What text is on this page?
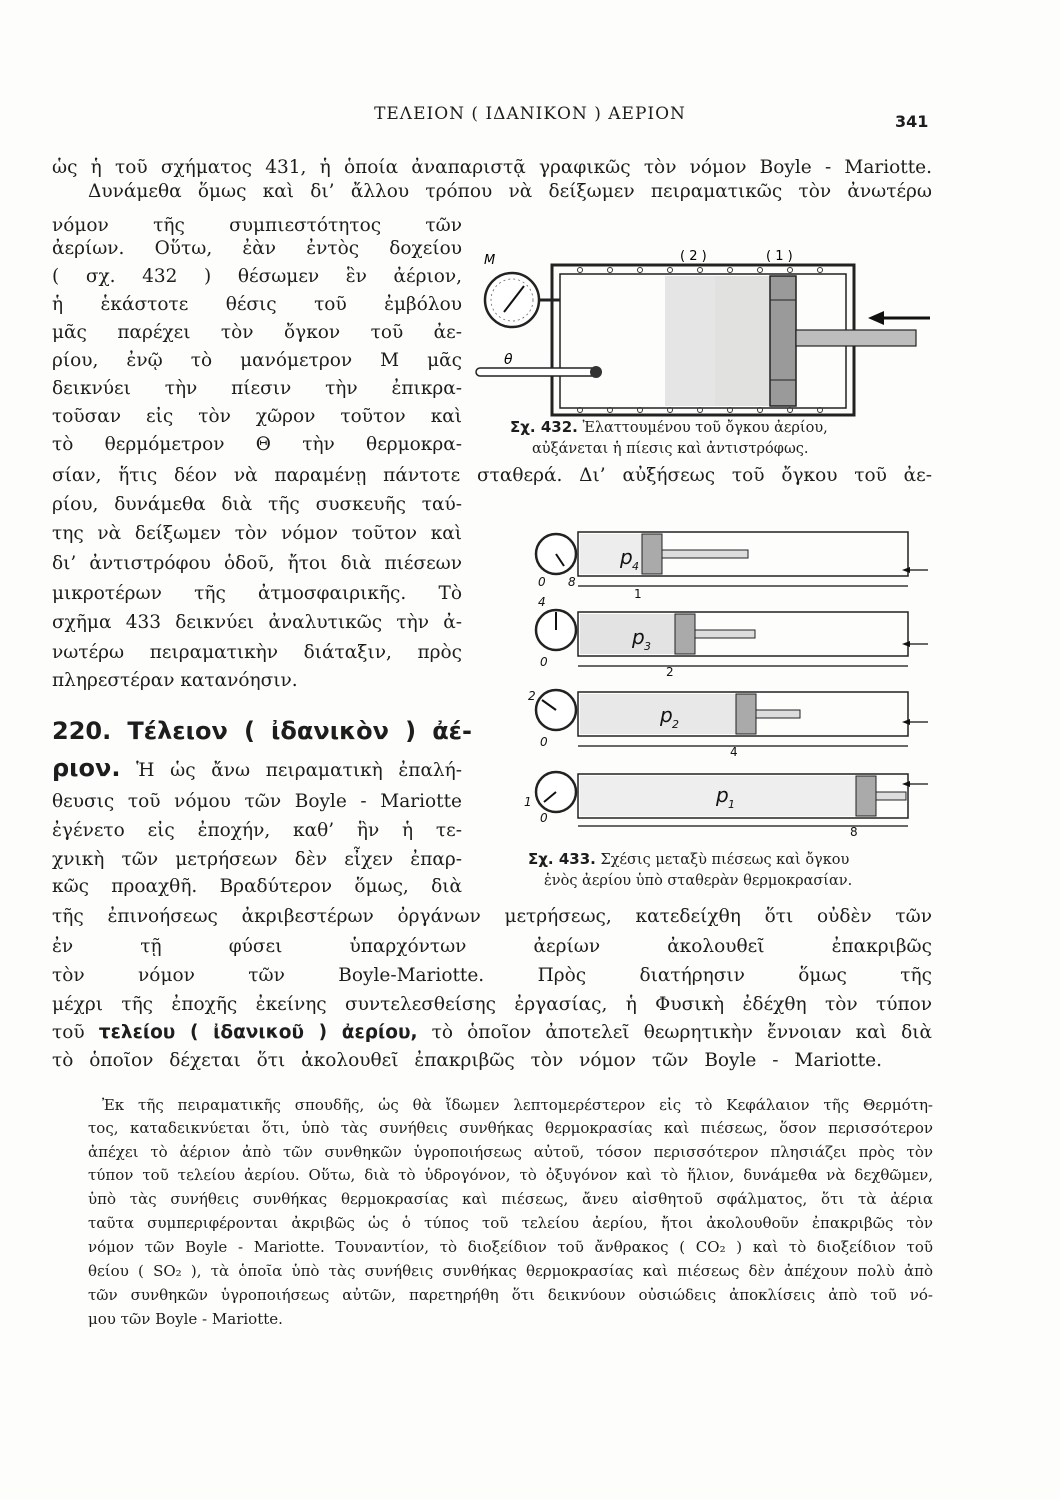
ΤΕΛΕΙΟΝ ( ΙΔΑΝΙΚΟΝ ) ΑΕΡΙΟΝ	341
ὡς ἡ τοῦ σχήματος 431, ἡ ὁποία ἀναπαριστᾷ γραφικῶς τὸν νόμον Boyle - Mariotte.
Δυνάμεθα ὅμως καὶ δι’ ἄλλου τρόπου νὰ δείξωμεν πειραματικῶς τὸν ἀνωτέρω
νόμον τῆς συμπιεστότητος τῶν
ἀερίων. Οὕτω, ἐὰν ἐντὸς δοχείου
( σχ. 432 ) θέσωμεν ἓν ἀέριον,
ἡ ἑκάστοτε θέσις τοῦ ἐμβόλου
μᾶς παρέχει τὸν ὄγκον τοῦ ἀε-
ρίου, ἐνῷ τὸ μανόμετρον Μ μᾶς
δεικνύει τὴν πίεσιν τὴν ἐπικρα-
τοῦσαν εἰς τὸν χῶρον τοῦτον καὶ
τὸ θερμόμετρον Θ τὴν θερμοκρα-
σίαν, ἥτις δέον νὰ παραμένῃ πάντοτε σταθερά. Δι’ αὐξήσεως τοῦ ὄγκου τοῦ ἀε-
ρίου, δυνάμεθα διὰ τῆς συσκευῆς ταύ-
της νὰ δείξωμεν τὸν νόμον τοῦτον καὶ
δι’ ἀντιστρόφου ὁδοῦ, ἤτοι διὰ πιέσεων
μικροτέρων τῆς ἀτμοσφαιρικῆς. Τὸ
σχῆμα 433 δεικνύει ἀναλυτικῶς τὴν ἀ-
νωτέρω πειραματικὴν διάταξιν, πρὸς
πληρεστέραν κατανόησιν.
220. Τέλειον ( ἰδανικὸν ) ἀέ-
ριον. Ἡ ὡς ἄνω πειραματικὴ ἐπαλή-
θευσις τοῦ νόμου τῶν Boyle - Mariotte
ἐγένετο εἰς ἐποχήν, καθ’ ἣν ἡ τε-
χνικὴ τῶν μετρήσεων δὲν εἶχεν ἐπαρ-
κῶς προαχθῆ. Βραδύτερον ὅμως, διὰ
τῆς ἐπινοήσεως ἀκριβεστέρων ὀργάνων μετρήσεως, κατεδείχθη ὅτι οὐδὲν τῶν
ἐν τῇ φύσει ὑπαρχόντων ἀερίων ἀκολουθεῖ ἐπακριβῶς
τὸν νόμον τῶν Boyle-Mariotte. Πρὸς διατήρησιν ὅμως τῆς
μέχρι τῆς ἐποχῆς ἐκείνης συντελεσθείσης ἐργασίας, ἡ Φυσικὴ ἐδέχθη τὸν τύπον
τοῦ τελείου ( ἰδανικοῦ ) ἀερίου, τὸ ὁποῖον ἀποτελεῖ θεωρητικὴν ἔννοιαν καὶ διὰ
τὸ ὁποῖον δέχεται ὅτι ἀκολουθεῖ ἐπακριβῶς τὸν νόμον τῶν Boyle - Mariotte.
Ἐκ τῆς πειραματικῆς σπουδῆς, ὡς θὰ ἴδωμεν λεπτομερέστερον εἰς τὸ Κεφάλαιον τῆς Θερμότη-
τος, καταδεικνύεται ὅτι, ὑπὸ τὰς συνήθεις συνθήκας θερμοκρασίας καὶ πιέσεως, ὅσον περισσότερον
ἀπέχει τὸ ἀέριον ἀπὸ τῶν συνθηκῶν ὑγροποιήσεως αὐτοῦ, τόσον περισσότερον πλησιάζει πρὸς τὸν
τύπον τοῦ τελείου ἀερίου. Οὕτω, διὰ τὸ ὑδρογόνον, τὸ ὀξυγόνον καὶ τὸ ἥλιον, δυνάμεθα νὰ δεχθῶμεν,
ὑπὸ τὰς συνήθεις συνθήκας θερμοκρασίας καὶ πιέσεως, ἄνευ αἰσθητοῦ σφάλματος, ὅτι τὰ ἀέρια
ταῦτα συμπεριφέρονται ἀκριβῶς ὡς ὁ τύπος τοῦ τελείου ἀερίου, ἤτοι ἀκολουθοῦν ἐπακριβῶς τὸν
νόμον τῶν Boyle - Mariotte. Τουναντίον, τὸ διοξείδιον τοῦ ἄνθρακος ( CO₂ ) καὶ τὸ διοξείδιον τοῦ
θείου ( SO₂ ), τὰ ὁποῖα ὑπὸ τὰς συνήθεις συνθήκας θερμοκρασίας καὶ πιέσεως δὲν ἀπέχουν πολὺ ἀπὸ
τῶν συνθηκῶν ὑγροποιήσεως αὐτῶν, παρετηρήθη ὅτι δεικνύουν οὐσιώδεις ἀποκλίσεις ἀπὸ τοῦ νό-
μου τῶν Boyle - Mariotte.
Μ
θ
( 2 )	( 1 )
Σχ. 432. Ἐλαττουμένου τοῦ ὄγκου ἀερίου,
αὐξάνεται ἡ πίεσις καὶ ἀντιστρόφως.
p 4
0 8
1
p 3
4
0
2
p 2
2
0
4
p 1
1
0
8
Σχ. 433. Σχέσις μεταξὺ πιέσεως καὶ ὄγκου
ἑνὸς ἀερίου ὑπὸ σταθερὰν θερμοκρασίαν.
